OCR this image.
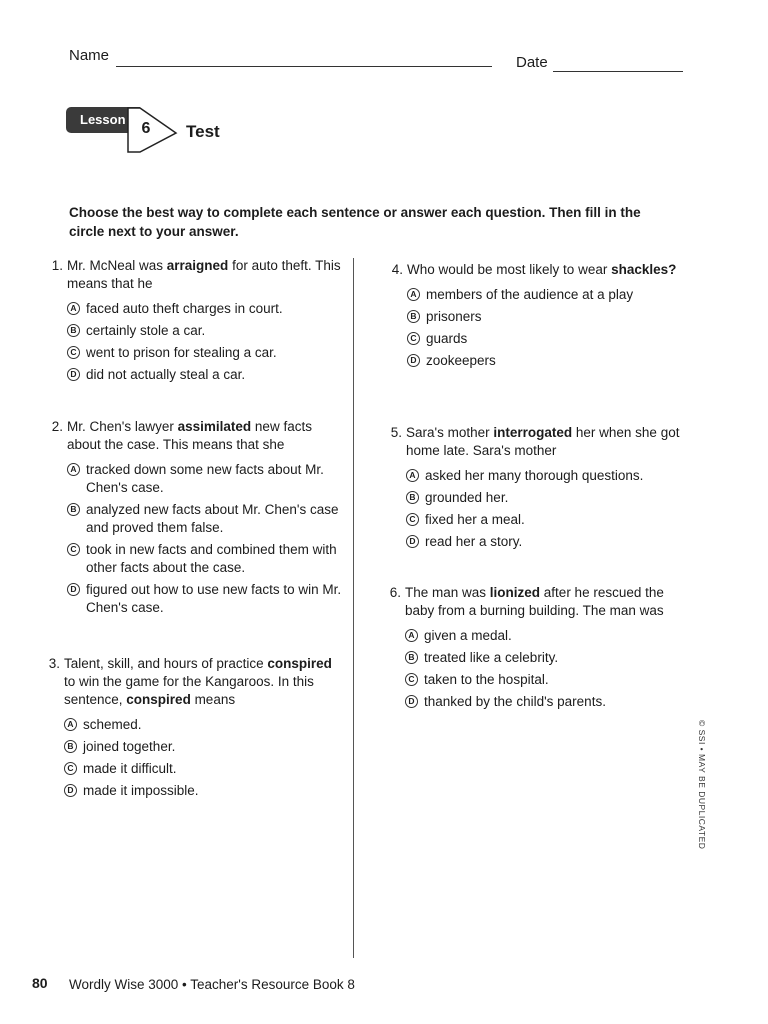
Name	Date
Lesson
6	Test
Choose the best way to complete each sentence or answer each question. Then fill in the circle next to your answer.
1. Mr. McNeal was arraigned for auto theft. This means that he
A faced auto theft charges in court.
B certainly stole a car.
C went to prison for stealing a car.
D did not actually steal a car.
2. Mr. Chen's lawyer assimilated new facts about the case. This means that she
A tracked down some new facts about Mr. Chen's case.
B analyzed new facts about Mr. Chen's case and proved them false.
C took in new facts and combined them with other facts about the case.
D figured out how to use new facts to win Mr. Chen's case.
3. Talent, skill, and hours of practice conspired to win the game for the Kangaroos. In this sentence, conspired means
A schemed.
B joined together.
C made it difficult.
D made it impossible.
4. Who would be most likely to wear shackles?
A members of the audience at a play
B prisoners
C guards
D zookeepers
5. Sara's mother interrogated her when she got home late. Sara's mother
A asked her many thorough questions.
B grounded her.
C fixed her a meal.
D read her a story.
6. The man was lionized after he rescued the baby from a burning building. The man was
A given a medal.
B treated like a celebrity.
C taken to the hospital.
D thanked by the child's parents.
© SSI • MAY BE DUPLICATED
80 Wordly Wise 3000 • Teacher's Resource Book 8
